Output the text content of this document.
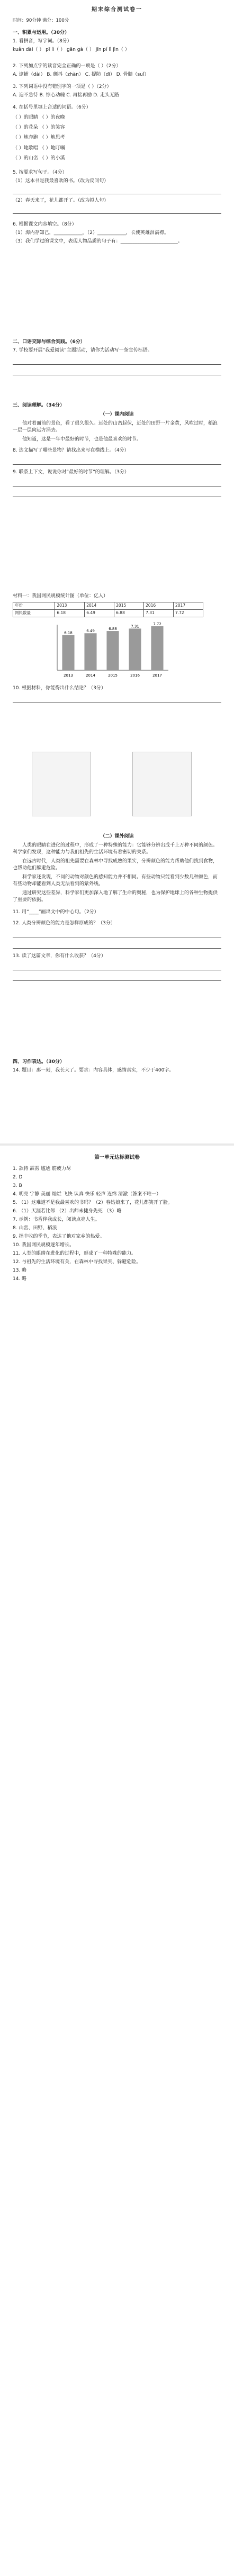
期末综合测试卷一
时间：90分钟 满分：100分
一、积累与运用。（30分）
1. 看拼音，写字词。（8分）
kuǎn dài（ ） pī lì（ ） gān gà（ ） jīn pí lì jìn（ ）
2. 下列加点字的读音完全正确的一项是（ ）（2分）
A. 逮捕（dài） B. 颤抖（zhàn） C. 提防（dī） D. 骨髓（suǐ）
3. 下列词语中没有错别字的一项是（ ）（2分）
A. 迫不急待 B. 惊心动魄 C. 再接再励 D. 走头无路
4. 在括号里填上合适的词语。（6分）
（ ）的眼睛 （ ）的夜晚
（ ）的花朵 （ ）的笑容
（ ）地奔跑 （ ）地思考
（ ）地歌唱 （ ）地叮嘱
（ ）的山峦 （ ）的小溪
5. 按要求写句子。（4分）
（1）这本书是我最喜欢的书。（改为反问句）
（2）春天来了，花儿都开了。（改为拟人句）
6. 根据课文内容填空。（8分）
（1）海内存知己，____________。（2）____________，长使英雄泪满襟。
（3）我们学过的课文中，表现人物品质的句子有：________________________。
二、口语交际与综合实践。（6分）
7. 学校要开展“我爱阅读”主题活动，请你为活动写一条宣传标语。
三、阅读理解。（34分）
（一）课内阅读
他对着面前的景色，看了很久很久。远处的山峦起伏，近处的田野一片金黄，风吹过时，稻浪一层一层向远方涌去。
他知道，这是一年中最好的时节，也是他最喜欢的时节。
8. 选文描写了哪些景物？请找出来写在横线上。（4分）
9. 联系上下文，说说你对“最好的时节”的理解。（3分）
材料一：我国网民规模统计图（单位：亿人）
年份	2013	2014	2015	2016	2017
网民数量	6.18	6.49	6.88	7.31	7.72
6.18
2013
6.49
2014
6.88
2015
7.31
2016
7.72
2017
10. 根据材料，你能得出什么结论？（3分）
（二）课外阅读
人类的眼睛在进化的过程中，形成了一种特殊的能力：它能够分辨出成千上万种不同的颜色。科学家们发现，这种能力与我们祖先的生活环境有着密切的关系。
在远古时代，人类的祖先需要在森林中寻找成熟的果实，分辨颜色的能力帮助他们找到食物，也帮助他们躲避危险。
科学家还发现，不同的动物对颜色的感知能力并不相同。有些动物只能看到少数几种颜色，而有些动物却能看到人类无法看到的紫外线。
通过研究这些差异，科学家们更加深入地了解了生命的奥秘，也为保护地球上的各种生物提供了重要的依据。
11. 用“____”画出文中的中心句。（2分）
12. 人类分辨颜色的能力是怎样形成的？（3分）
13. 读了这篇文章，你有什么收获？（4分）
四、习作表达。（30分）
14. 题目：那一刻，我长大了。要求：内容具体，感情真实，不少于400字。
第一单元达标测试卷
1. 款待 霹雳 尴尬 筋疲力尽
2. D
3. B
4. 明亮 宁静 美丽 灿烂 飞快 认真 快乐 轻声 连绵 清澈（答案不唯一）
5. （1）这难道不是我最喜欢的书吗？（2）春姑娘来了，花儿都笑开了脸。
6. （1）天涯若比邻 （2）出师未捷身先死 （3）略
7. 示例：书香伴我成长，阅读点亮人生。
8. 山峦、田野、稻浪
9. 指丰收的季节，表达了他对家乡的热爱。
10. 我国网民规模逐年增长。
11. 人类的眼睛在进化的过程中，形成了一种特殊的能力。
12. 与祖先的生活环境有关，在森林中寻找果实、躲避危险。
13. 略
14. 略
